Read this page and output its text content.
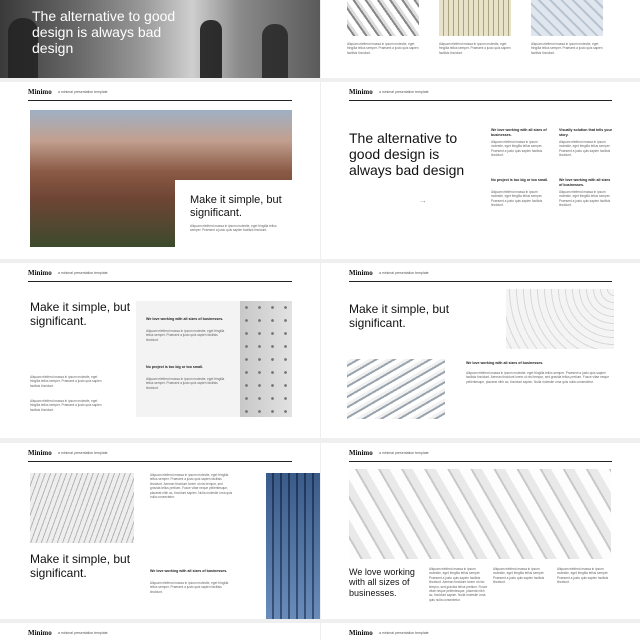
The alternative to good design is always bad design	Aliquam eleifend massa in ipsum molestie, eget fringilla tellus semper. Praesent a justo quis sapien facilisis tincidunt.
Aliquam eleifend massa in ipsum molestie, eget fringilla tellus semper. Praesent a justo quis sapien facilisis tincidunt.
Aliquam eleifend massa in ipsum molestie, eget fringilla tellus semper. Praesent a justo quis sapien facilisis tincidunt.
Minimo a minimal presentation template
Make it simple, but significant.
Aliquam eleifend massa in ipsum molestie, eget fringilla tellus semper. Praesent a justo quis sapien facilisis tincidunt.
Minimo a minimal presentation template
The alternative to good design is always bad design
→
We love working with all sizes of businesses.
Aliquam eleifend massa in ipsum molestie, eget fringilla tellus semper. Praesent a justo quis sapien facilisis tincidunt.
Visually solution that tells your story.
Aliquam eleifend massa in ipsum molestie, eget fringilla tellus semper. Praesent a justo quis sapien facilisis tincidunt.
No project is too big or too small.
Aliquam eleifend massa in ipsum molestie, eget fringilla tellus semper. Praesent a justo quis sapien facilisis tincidunt.
We love working with all sizes of businesses.
Aliquam eleifend massa in ipsum molestie, eget fringilla tellus semper. Praesent a justo quis sapien facilisis tincidunt.
Minimo a minimal presentation template
Make it simple, but significant.
Aliquam eleifend massa in ipsum molestie, eget fringilla tellus semper. Praesent a justo quis sapien facilisis tincidunt.
Aliquam eleifend massa in ipsum molestie, eget fringilla tellus semper. Praesent a justo quis sapien facilisis tincidunt.
We love working with all sizes of businesses.
Aliquam eleifend massa in ipsum molestie, eget fringilla tellus semper. Praesent a justo quis sapien facilisis tincidunt.
No project is too big or too small.
Aliquam eleifend massa in ipsum molestie, eget fringilla tellus semper. Praesent a justo quis sapien facilisis tincidunt.
Minimo a minimal presentation template
Make it simple, but significant.
We love working with all sizes of businesses.
Aliquam eleifend massa in ipsum molestie, eget fringilla tellus semper. Praesent a justo quis sapien facilisis tincidunt. Aenean tincidunt lorem ut nisi tempor, sed gravida tellus pretium. Fusce vitae neque pellentesque, placerat nibh ac, tincidunt sapien. Nulla molestie urna quis nulla consectetur.
Minimo a minimal presentation template
Make it simple, but significant.
Aliquam eleifend massa in ipsum molestie, eget fringilla tellus semper. Praesent a justo quis sapien facilisis tincidunt. Aenean tincidunt lorem ut nisi tempor, sed gravida tellus pretium. Fusce vitae neque pellentesque, placerat nibh ac, tincidunt sapien. Nulla molestie urna quis nulla consectetur.
We love working with all sizes of businesses.
Aliquam eleifend massa in ipsum molestie, eget fringilla tellus semper. Praesent a justo quis sapien facilisis tincidunt.
Minimo a minimal presentation template
We love working with all sizes of businesses.
Aliquam eleifend massa in ipsum molestie, eget fringilla tellus semper. Praesent a justo quis sapien facilisis tincidunt. Aenean tincidunt lorem ut nisi tempor, sed gravida tellus pretium. Fusce vitae neque pellentesque, placerat nibh ac, tincidunt sapien. Nulla molestie urna quis nulla consectetur.
Aliquam eleifend massa in ipsum molestie, eget fringilla tellus semper. Praesent a justo quis sapien facilisis tincidunt.
Aliquam eleifend massa in ipsum molestie, eget fringilla tellus semper. Praesent a justo quis sapien facilisis tincidunt.
Minimo a minimal presentation template	Minimo a minimal presentation template
